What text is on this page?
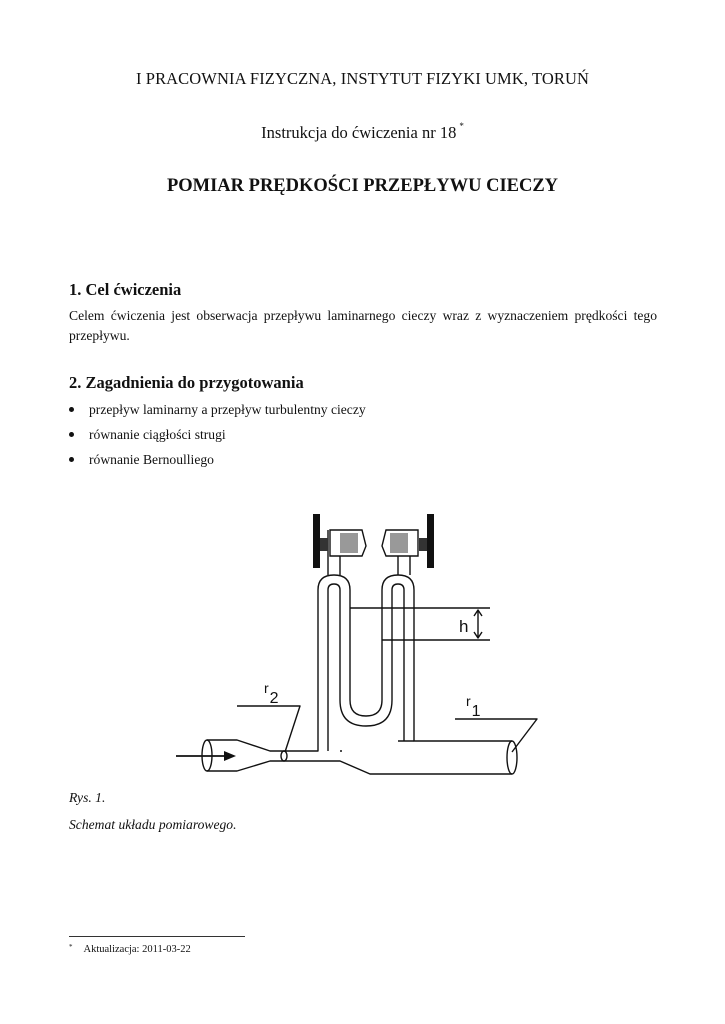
I PRACOWNIA FIZYCZNA, INSTYTUT FIZYKI UMK, TORUŃ
Instrukcja do ćwiczenia nr 18 *
POMIAR PRĘDKOŚCI PRZEPŁYWU CIECZY
1. Cel ćwiczenia
Celem ćwiczenia jest obserwacja przepływu laminarnego cieczy wraz z wyznaczeniem prędkości tego przepływu.
2. Zagadnienia do przygotowania
przepływ laminarny a przepływ turbulentny cieczy
równanie ciągłości strugi
równanie Bernoulliego
h
r2	r1
Rys. 1.
Schemat układu pomiarowego.
* Aktualizacja: 2011-03-22
